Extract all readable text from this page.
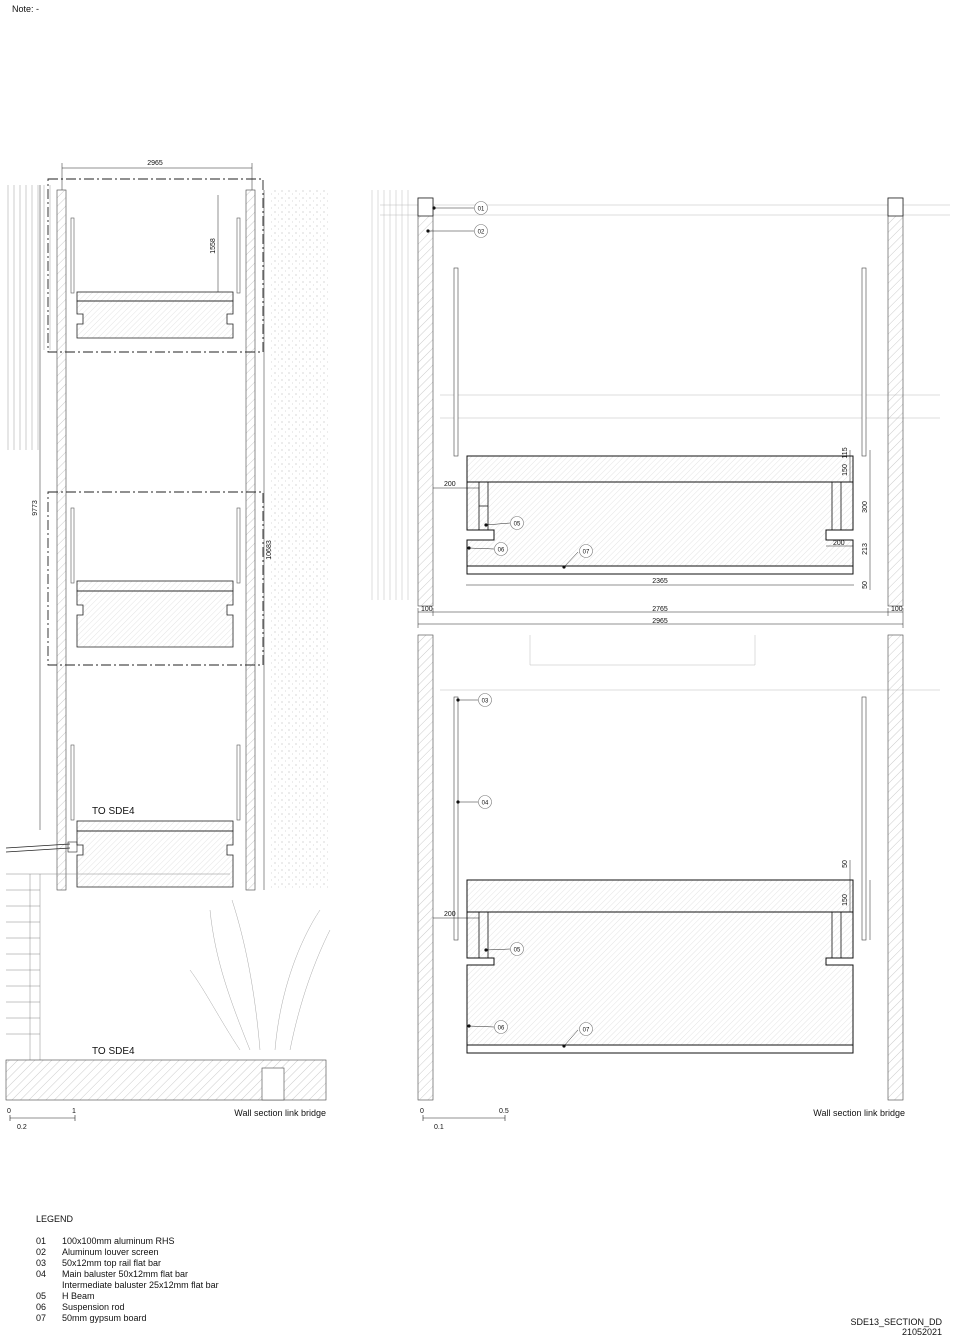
Note: -
2965
1558
9773
10683
TO SDE4
TO SDE4
0	1
0.2
Wall section link bridge
01
02
05
06	07
03
04
05
06	07
115
150
300
200
200 213
50
2365
100	2765	100
2965
50
150
200
0	0.5
0.1
Wall section link bridge
LEGEND
01	100x100mm aluminum RHS
02	Aluminum louver screen
03	50x12mm top rail flat bar
04	Main baluster 50x12mm flat bar
Intermediate baluster 25x12mm flat bar
05	H Beam
06	Suspension rod
07	50mm gypsum board	SDE13_SECTION_DD
21052021
